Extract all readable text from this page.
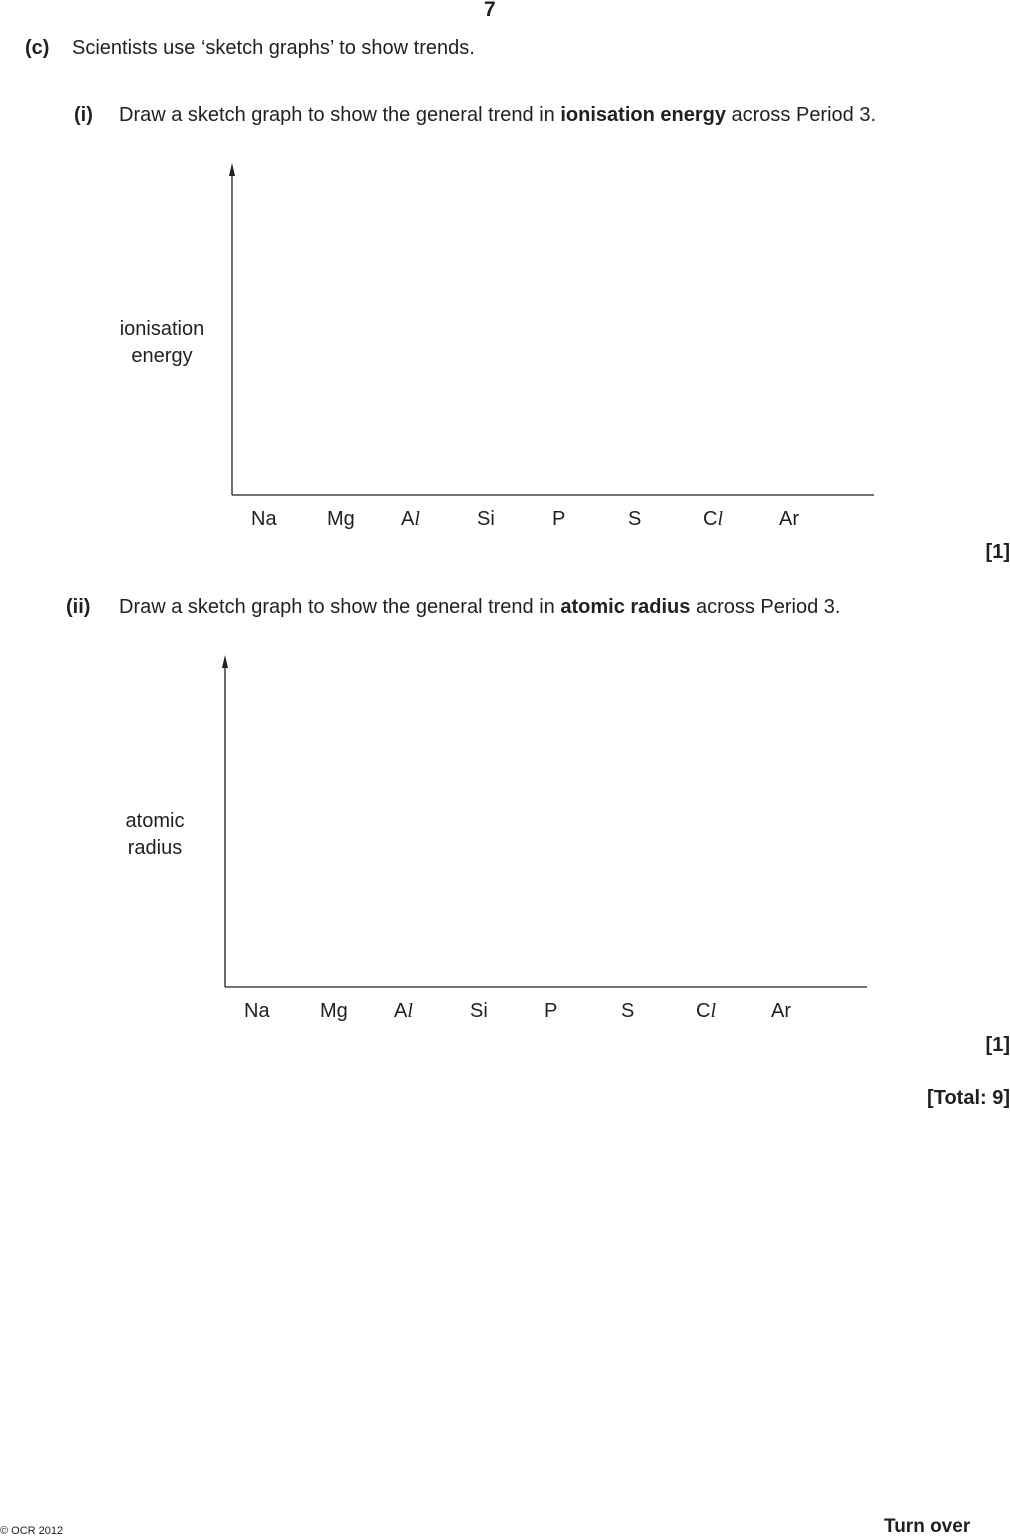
7
(c) Scientists use ‘sketch graphs’ to show trends.
(i) Draw a sketch graph to show the general trend in ionisation energy across Period 3.
ionisation
energy
Na	Mg Al	Si	P	S	Cl	Ar
[1]
(ii) Draw a sketch graph to show the general trend in atomic radius across Period 3.
atomic
radius
Na	Mg Al	Si	P	S	Cl	Ar
[1]
[Total: 9]
© OCR 2012	Turn over
